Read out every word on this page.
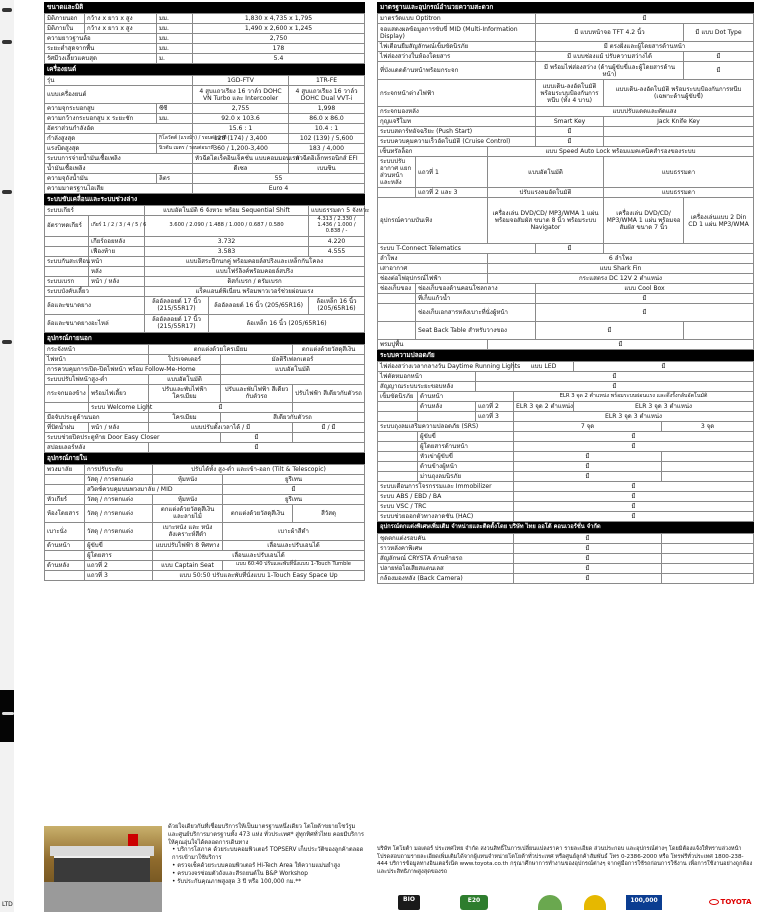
LTD
ขนาดและมิติ
มิติภายนอก	กว้าง x ยาว x สูง	มม.	1,830 x 4,735 x 1,795
มิติภายใน	กว้าง x ยาว x สูง	มม.	1,490 x 2,600 x 1,245
ความยาวฐานล้อ		มม.	2,750
ระยะต่ำสุดจากพื้น		มม.	178
รัศมีวงเลี้ยวแคบสุด		ม.	5.4
เครื่องยนต์
รุ่น		1GD-FTV	1TR-FE
แบบเครื่องยนต์		4 สูบแถวเรียง 16 วาล์ว DOHC VN Turbo และ Intercooler	4 สูบแถวเรียง 16 วาล์ว DOHC Dual VVT-i
ความจุกระบอกสูบ	ซีซี	2,755	1,998
ความกว้างกระบอกสูบ x ระยะชัก	มม.	92.0 x 103.6	86.0 x 86.0
อัตราส่วนกำลังอัด		15.6 : 1	10.4 : 1
กำลังสูงสุด	กิโลวัตต์ (แรงม้า) / รอบต่อนาที	128 (174) / 3,400	102 (139) / 5,600
แรงบิดสูงสุด	นิวตัน เมตร / รอบต่อนาที	360 / 1,200-3,400	183 / 4,000
ระบบการจ่ายน้ำมันเชื้อเพลิง		หัวฉีดไดเร็คอินเจ็คชั่น แบบคอมมอนเรล	หัวฉีดอิเล็กทรอนิกส์ EFI
น้ำมันเชื้อเพลิง		ดีเซล	เบนซิน
ความจุถังน้ำมัน	ลิตร	55	
ความมาตรฐานไอเสีย		Euro 4	
ระบบขับเคลื่อนและระบบช่วงล่าง
ระบบเกียร์		แบบอัตโนมัติ 6 จังหวะ พร้อม Sequential Shift		แบบธรรมดา 5 จังหวะ
อัตราทดเกียร์	เกียร์ 1 / 2 / 3 / 4 / 5 / 6	3.600 / 2.090 / 1.488 / 1.000 / 0.687 / 0.580		4.313 / 2.330 / 1.436 / 1.000 / 0.838 / -
	เกียร์ถอยหลัง	3.732		4.220
	เฟืองท้าย	3.583		4.555
ระบบกันสะเทือน	หน้า	แบบอิสระปีกนกคู่ พร้อมคอยล์สปริงและเหล็กกันโคลง		
	หลัง	แบบโฟร์ลิงค์พร้อมคอยล์สปริง		
ระบบเบรก	หน้า / หลัง	ดิสก์เบรก / ดรัมเบรก		
ระบบบังคับเลี้ยว		แร็คแอนด์พิเนี่ยน พร้อมพาวเวอร์ช่วยผ่อนแรง		
ล้อและขนาดยาง		ล้ออัลลอยด์ 17 นิ้ว (215/55R17)	ล้ออัลลอยด์ 16 นิ้ว (205/65R16)	ล้อเหล็ก 16 นิ้ว (205/65R16)
ล้อและขนาดยางอะไหล่		ล้ออัลลอยด์ 17 นิ้ว (215/55R17)	ล้อเหล็ก 16 นิ้ว (205/65R16)	
อุปกรณ์ภายนอก
กระจังหน้า		ตกแต่งด้วยโครเมียม		ตกแต่งด้วยวัสดุสีเงิน
ไฟหน้า		โปรเจคเตอร์	มัลติรีเฟลกเตอร์	
การควบคุมการเปิด-ปิดไฟหน้า พร้อม Follow-Me-Home			แบบอัตโนมัติ	
ระบบปรับไฟหน้าสูง-ต่ำ		แบบอัตโนมัติ		
กระจกมองข้าง	พร้อมไฟเลี้ยว	ปรับและพับไฟฟ้า โครเมียม	ปรับและพับไฟฟ้า สีเดียวกับตัวรถ	ปรับไฟฟ้า สีเดียวกับตัวรถ
	ระบบ Welcome Light	มี		
มือจับประตูด้านนอก		โครเมียม	สีเดียวกับตัวรถ	
ที่ปัดน้ำฝน	หน้า / หลัง	แบบปรับตั้งเวลาได้ / มี		มี / มี
ระบบช่วยปิดประตูท้าย Door Easy Closer			มี	
สปอยเลอร์หลัง		มี		
อุปกรณ์ภายใน
พวงมาลัย	การปรับระดับ	ปรับได้ทั้ง สูง-ต่ำ และเข้า-ออก (Tilt & Telescopic)		
	วัสดุ / การตกแต่ง	หุ้มหนัง	ยูรีเทน	
	สวิตช์ควบคุมบนพวงมาลัย / MID		มี	
หัวเกียร์	วัสดุ / การตกแต่ง	หุ้มหนัง	ยูรีเทน	
ห้องโดยสาร	วัสดุ / การตกแต่ง	ตกแต่งด้วยวัสดุสีเงิน และลายไม้	ตกแต่งด้วยวัสดุสีเงิน	สีวัสดุ
เบาะนั่ง	วัสดุ / การตกแต่ง	เบาะหนัง และ หนังสังเคราะห์สีดำ	เบาะผ้าสีดำ	
ด้านหน้า	ผู้ขับขี่	แบบปรับไฟฟ้า 8 ทิศทาง	เลื่อนและปรับเอนได้	
	ผู้โดยสาร	เลื่อนและปรับเอนได้		
ด้านหลัง	แถวที่ 2	แบบ Captain Seat	แบบ 60:40 ปรับและพับที่นั่งแบบ 1-Touch Tumble	
	แถวที่ 3	แบบ 50:50 ปรับและพับที่นั่งแบบ 1-Touch Easy Space Up		
มาตรฐานและอุปกรณ์อำนวยความสะดวก
มาตรวัดแบบ Optitron			มี		
จอแสดงผลข้อมูลการขับขี่ MID (Multi-Information Display)			มี แบบหน้าจอ TFT 4.2 นิ้ว		มี แบบ Dot Type
ไฟเตือนยืมสัญลักษณ์เข็มขัดนิรภัย			มี ตรงฝั่งและผู้โดยสารด้านหน้า		
ไฟส่องสว่างในห้องโดยสาร			มี แบบช่องแม้ ปรับความสว่างได้		มี
ที่บังแดดด้านหน้าพร้อมกระจก			มี พร้อมไฟส่องสว่าง (ด้านผู้ขับขี่และผู้โดยสารด้านหน้า)		มี
กระจกหน้าต่างไฟฟ้า			แบบเดิน-ลงอัตโนมัติ พร้อมระบบป้องกันการหนีบ (ทั้ง 4 บาน)	แบบเดิน-ลงอัตโนมัติ พร้อมระบบป้องกันการหนีบ (เฉพาะด้านผู้ขับขี่)	
กระจกมองหลัง			แบบปรับแดดและตัดแสง		
กุญแจรีโมท			Smart Key	Jack Knife Key	
ระบบสตาร์ทอัจฉริยะ (Push Start)			มี		
ระบบควบคุมความเร็วอัตโนมัติ (Cruise Control)			มี		
เซ็นทรัลล็อก		แบบ Speed Auto Lock พร้อมแมคเคนิคสำรองของระบบ			
ระบบปรับอากาศ แยกส่วนหน้า และหลัง	แถวที่ 1	แบบอัตโนมัติ		แบบธรรมดา	
	แถวที่ 2 และ 3	ปรับแรงลมอัตโนมัติ		แบบธรรมดา	
อุปกรณ์ความบันเทิง		เครื่องเล่น DVD/CD/ MP3/WMA 1 แผ่น พร้อมจอสัมผัส ขนาด 8 นิ้ว พร้อมระบบ Navigator		เครื่องเล่น DVD/CD/ MP3/WMA 1 แผ่น พร้อมจอสัมผัส ขนาด 7 นิ้ว	เครื่องเล่นแบบ 2 Din CD 1 แผ่น MP3/WMA
ระบบ T-Connect Telematics			มี		
ลำโพง		6 ลำโพง			
เสาอากาศ		แบบ Shark Fin			
ช่องต่อไฟอุปกรณ์ไฟฟ้า		กระแสตรง DC 12V 2 ตำแหน่ง			
ช่องเก็บของ	ช่องเก็บของด้านคอนโซลกลาง		แบบ Cool Box		
	ที่เก็บแก้วน้ำ		มี		
	ช่องเก็บเอกสารหลังเบาะที่นั่งผู้หน้า		มี		
	Seat Back Table สำหรับวางของ		มี		
พรมปูพื้น		มี			
ระบบความปลอดภัย
ไฟส่องสว่างเวลากลางวัน Daytime Running Lights			แบบ LED	มี	
ไฟตัดหมอกหน้า		มี			
สัญญาณระบบระยะขอบหลัง		มี			
เข็มขัดนิรภัย	ด้านหน้า		ELR 3 จุด 2 ตำแหน่ง พร้อมระบบผ่อนแรง และดึงรั้งกลับอัตโนมัติ		
	ด้านหลัง	แถวที่ 2	ELR 3 จุด 2 ตำแหน่ง	ELR 3 จุด 3 ตำแหน่ง	
		แถวที่ 3	ELR 3 จุด 3 ตำแหน่ง		
ระบบถุงลมเสริมความปลอดภัย (SRS)			7 จุด		3 จุด
	ผู้ขับขี่		มี		
	ผู้โดยสารด้านหน้า		มี		
	หัวเข่าผู้ขับขี่		มี		
	ด้านข้างผู้หน้า		มี		
	ม่านถุงลมนิรภัย		มี		
ระบบเตือนการโจรกรรมและ Immobilizer			มี		
ระบบ ABS / EBD / BA			มี		
ระบบ VSC / TRC			มี		
ระบบช่วยออกตัวทางลาดชัน (HAC)			มี		
อุปกรณ์ตกแต่งพิเศษเพิ่มเติม จำหน่ายและติดตั้งโดย บริษัท ไทย ออโต้ คอนเวอร์ชั่น จำกัด
ชุดตกแต่งรอบคัน	มี	
ราวหลังคาพิเศษ	มี	
สัญลักษณ์ CRYSTA ด้านท้ายรถ	มี	
ปลายท่อไอเสียสแตนเลส	มี	
กล้องมองหลัง (Back Camera)	มี	
ด้วยใจเดียวกันที่เชื่อมบริการให้เป็นมาตรฐานหนึ่งเดียว โตโยต้าขยายโชว์รูมและศูนย์บริการมาตรฐานทั้ง 473 แห่ง ทั่วประเทศ* สู่ทุกทิศทั่วไทย คอยมีบริการให้คุณอุ่นใจได้ตลอดการเดินทาง
• บริการโสภาค ด้วยระบบคอมพิวเตอร์ TOPSERV เก็บประวัติของลูกค้าตลอดการเข้ามาใช้บริการ
• ตรวจเช็คด้วยระบบคอมพิวเตอร์ Hi-Tech Area ให้ความแม่นยำสูง
• ครบวงจรซ่อมตัวถังและสีรถยนต์ใน B&P Workshop
• รับประกันคุณภาพสูงสุด 3 ปี หรือ 100,000 กม.**
บริษัท โตโยต้า มอเตอร์ ประเทศไทย จำกัด สงวนสิทธิ์ในการเปลี่ยนแปลงราคา รายละเอียด ส่วนประกอบ และอุปกรณ์ต่างๆ โดยมิต้องแจ้งให้ทราบล่วงหน้า โปรดสอบถามรายละเอียดเพิ่มเติมได้จากผู้แทนจำหน่ายโตโยต้าทั่วประเทศ หรือศูนย์ลูกค้าสัมพันธ์ โทร 0-2386-2000 หรือ โทรฟรีทั่วประเทศ 1800-238-444 บริการข้อมูลทางอินเตอร์เน็ต www.toyota.co.th กรุณาศึกษาการทำงานของอุปกรณ์ต่างๆ จากคู่มือการใช้รถก่อนการใช้งาน เพื่อการใช้งานอย่างถูกต้องและประสิทธิภาพสูงสุดของรถ
BIO	E20	100,000	TOYOTA
